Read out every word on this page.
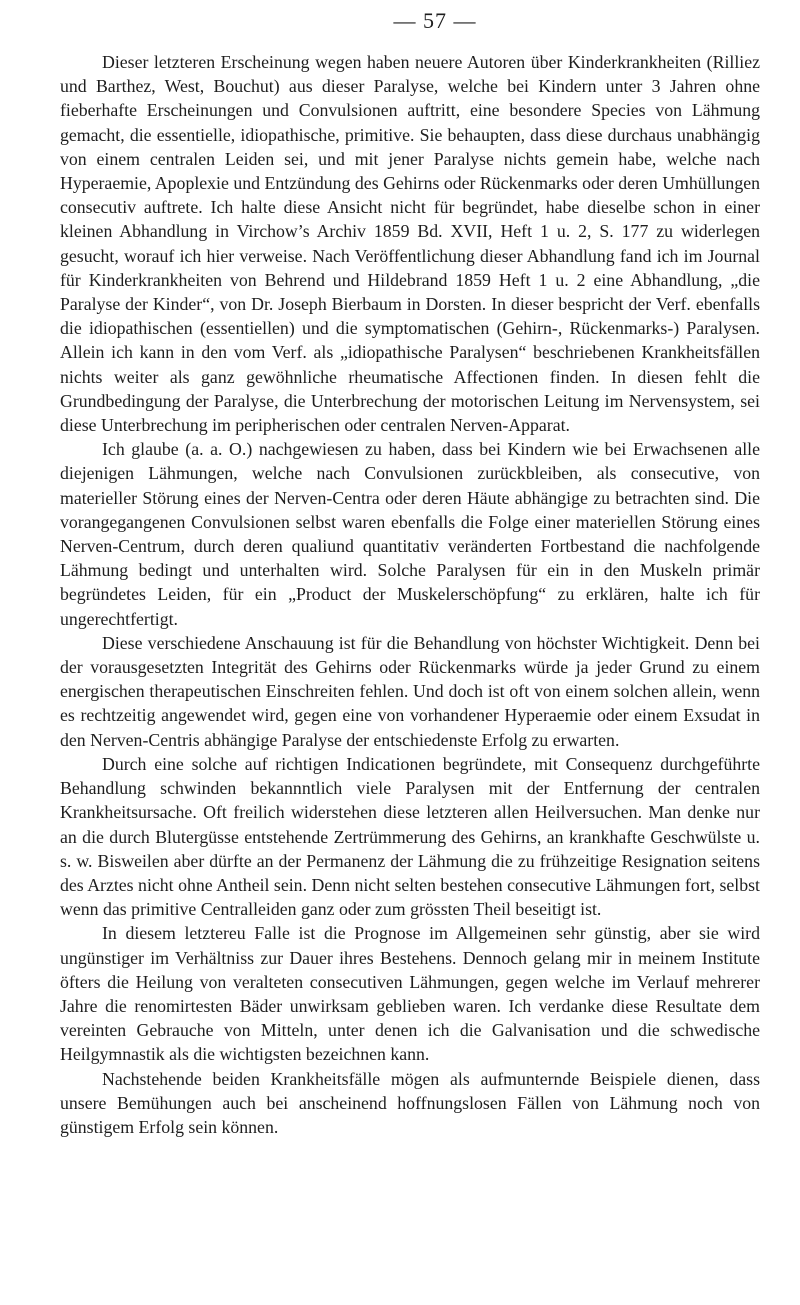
— 57 —

Dieser letzteren Erscheinung wegen haben neuere Autoren über Kinderkrankheiten (Rilliez und Barthez, West, Bouchut) aus dieser Paralyse, welche bei Kindern unter 3 Jahren ohne fieberhafte Erscheinungen und Convulsionen auftritt, eine besondere Species von Lähmung gemacht, die essentielle, idiopathische, primitive. Sie behaupten, dass diese durchaus unabhängig von einem centralen Leiden sei, und mit jener Paralyse nichts gemein habe, welche nach Hyperaemie, Apoplexie und Entzündung des Gehirns oder Rückenmarks oder deren Umhüllungen consecutiv auftrete. Ich halte diese Ansicht nicht für begründet, habe dieselbe schon in einer kleinen Abhandlung in Virchow’s Archiv 1859 Bd. XVII, Heft 1 u. 2, S. 177 zu widerlegen gesucht, worauf ich hier verweise. Nach Veröffentlichung dieser Abhandlung fand ich im Journal für Kinderkrankheiten von Behrend und Hildebrand 1859 Heft 1 u. 2 eine Abhandlung, „die Paralyse der Kinder“, von Dr. Joseph Bierbaum in Dorsten. In dieser bespricht der Verf. ebenfalls die idiopathischen (essentiellen) und die symptomatischen (Gehirn-, Rückenmarks-) Paralysen. Allein ich kann in den vom Verf. als „idiopathische Paralysen“ beschriebenen Krankheitsfällen nichts weiter als ganz gewöhnliche rheumatische Affectionen finden. In diesen fehlt die Grundbedingung der Paralyse, die Unterbrechung der motorischen Leitung im Nervensystem, sei diese Unterbrechung im peripherischen oder centralen Nerven-Apparat.

Ich glaube (a. a. O.) nachgewiesen zu haben, dass bei Kindern wie bei Erwachsenen alle diejenigen Lähmungen, welche nach Convulsionen zurückbleiben, als consecutive, von materieller Störung eines der Nerven-Centra oder deren Häute abhängige zu betrachten sind. Die vorangegangenen Convulsionen selbst waren ebenfalls die Folge einer materiellen Störung eines Nerven-Centrum, durch deren qualiund quantitativ veränderten Fortbestand die nachfolgende Lähmung bedingt und unterhalten wird. Solche Paralysen für ein in den Muskeln primär begründetes Leiden, für ein „Product der Muskelerschöpfung“ zu erklären, halte ich für ungerechtfertigt.

Diese verschiedene Anschauung ist für die Behandlung von höchster Wichtigkeit. Denn bei der vorausgesetzten Integrität des Gehirns oder Rückenmarks würde ja jeder Grund zu einem energischen therapeutischen Einschreiten fehlen. Und doch ist oft von einem solchen allein, wenn es rechtzeitig angewendet wird, gegen eine von vorhandener Hyperaemie oder einem Exsudat in den Nerven-Centris abhängige Paralyse der entschiedenste Erfolg zu erwarten.

Durch eine solche auf richtigen Indicationen begründete, mit Consequenz durchgeführte Behandlung schwinden bekannntlich viele Paralysen mit der Entfernung der centralen Krankheitsursache. Oft freilich widerstehen diese letzteren allen Heilversuchen. Man denke nur an die durch Blutergüsse entstehende Zertrümmerung des Gehirns, an krankhafte Geschwülste u. s. w. Bisweilen aber dürfte an der Permanenz der Lähmung die zu frühzeitige Resignation seitens des Arztes nicht ohne Antheil sein. Denn nicht selten bestehen consecutive Lähmungen fort, selbst wenn das primitive Centralleiden ganz oder zum grössten Theil beseitigt ist.

In diesem letztereu Falle ist die Prognose im Allgemeinen sehr günstig, aber sie wird ungünstiger im Verhältniss zur Dauer ihres Bestehens. Dennoch gelang mir in meinem Institute öfters die Heilung von veralteten consecutiven Lähmungen, gegen welche im Verlauf mehrerer Jahre die renomirtesten Bäder unwirksam geblieben waren. Ich verdanke diese Resultate dem vereinten Gebrauche von Mitteln, unter denen ich die Galvanisation und die schwedische Heilgymnastik als die wichtigsten bezeichnen kann.

Nachstehende beiden Krankheitsfälle mögen als aufmunternde Beispiele dienen, dass unsere Bemühungen auch bei anscheinend hoffnungslosen Fällen von Lähmung noch von günstigem Erfolg sein können.
